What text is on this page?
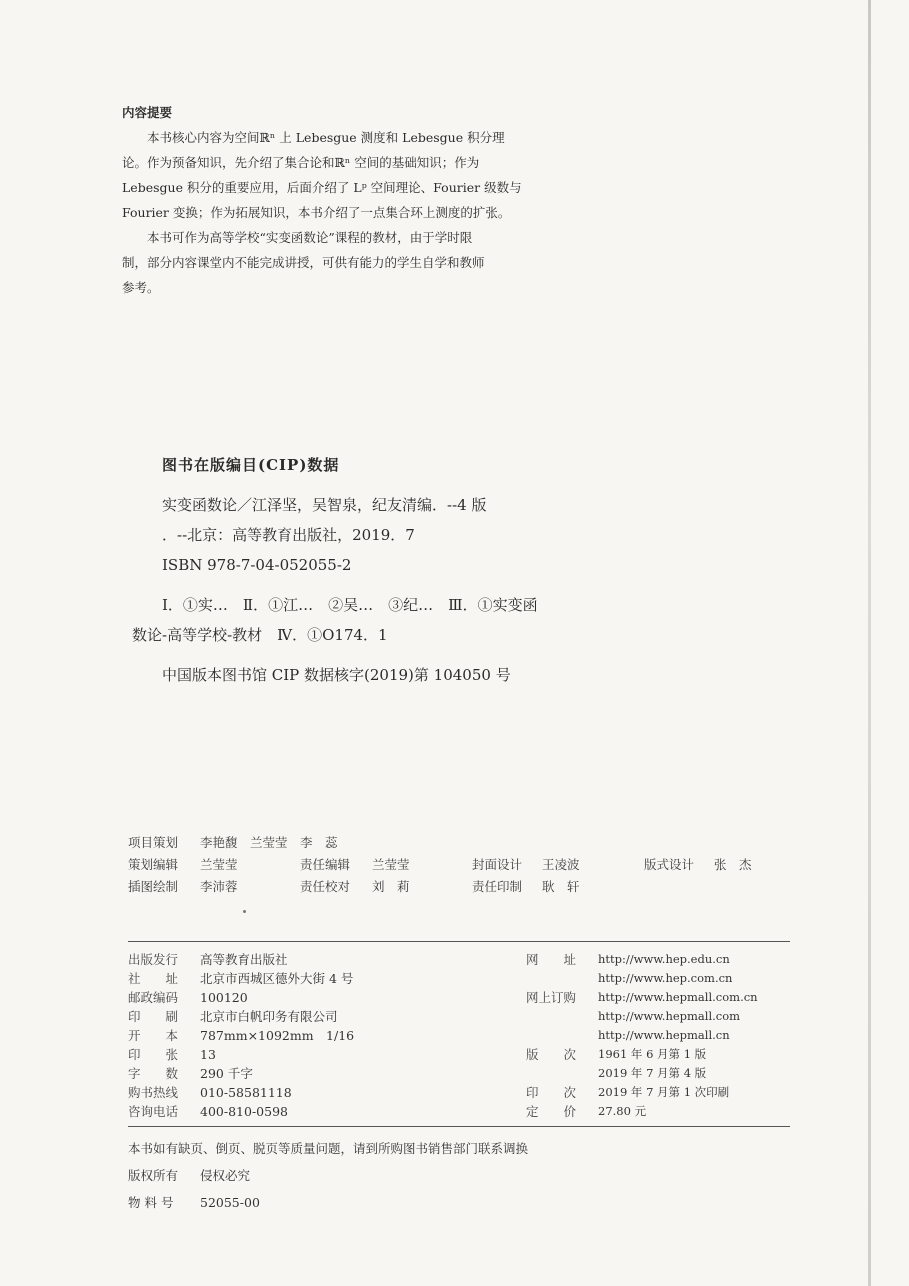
内容提要

本书核心内容为空间ℝⁿ 上 Lebesgue 测度和 Lebesgue 积分理

论。作为预备知识，先介绍了集合论和ℝⁿ 空间的基础知识；作为
Lebesgue 积分的重要应用，后面介绍了 Lᵖ 空间理论、Fourier 级数与
Fourier 变换；作为拓展知识，本书介绍了一点集合环上测度的扩张。

本书可作为高等学校“实变函数论”课程的教材，由于学时限

制，部分内容课堂内不能完成讲授，可供有能力的学生自学和教师
参考。
图书在版编目(CIP)数据
实变函数论／江泽坚，吴智泉，纪友清编．--4 版
．--北京：高等教育出版社，2019．7
ISBN 978-7-04-052055-2
Ⅰ．①实…　Ⅱ．①江…　②吴…　③纪…　Ⅲ．①实变函
数论-高等学校-教材　Ⅳ．①O174．1
中国版本图书馆 CIP 数据核字(2019)第 104050 号
项目策划 李艳馥　兰莹莹　李　蕊
策划编辑 兰莹莹	责任编辑 兰莹莹	封面设计 王凌波	版式设计 张　杰
插图绘制 李沛蓉	责任校对 刘　莉	责任印制 耿　轩
出版发行 高等教育出版社	网　　址 http://www.hep.edu.cn
社　　址 北京市西城区德外大街 4 号	http://www.hep.com.cn
邮政编码 100120	网上订购 http://www.hepmall.com.cn
印　　刷 北京市白帆印务有限公司	http://www.hepmall.com
开　　本 787mm×1092mm　1/16	http://www.hepmall.cn
印　　张 13	版　　次 1961 年 6 月第 1 版
字　　数 290 千字	2019 年 7 月第 4 版
购书热线 010-58581118	印　　次 2019 年 7 月第 1 次印刷
咨询电话 400-810-0598	定　　价 27.80 元
本书如有缺页、倒页、脱页等质量问题，请到所购图书销售部门联系调换
版权所有 侵权必究
物 料 号 52055-00
